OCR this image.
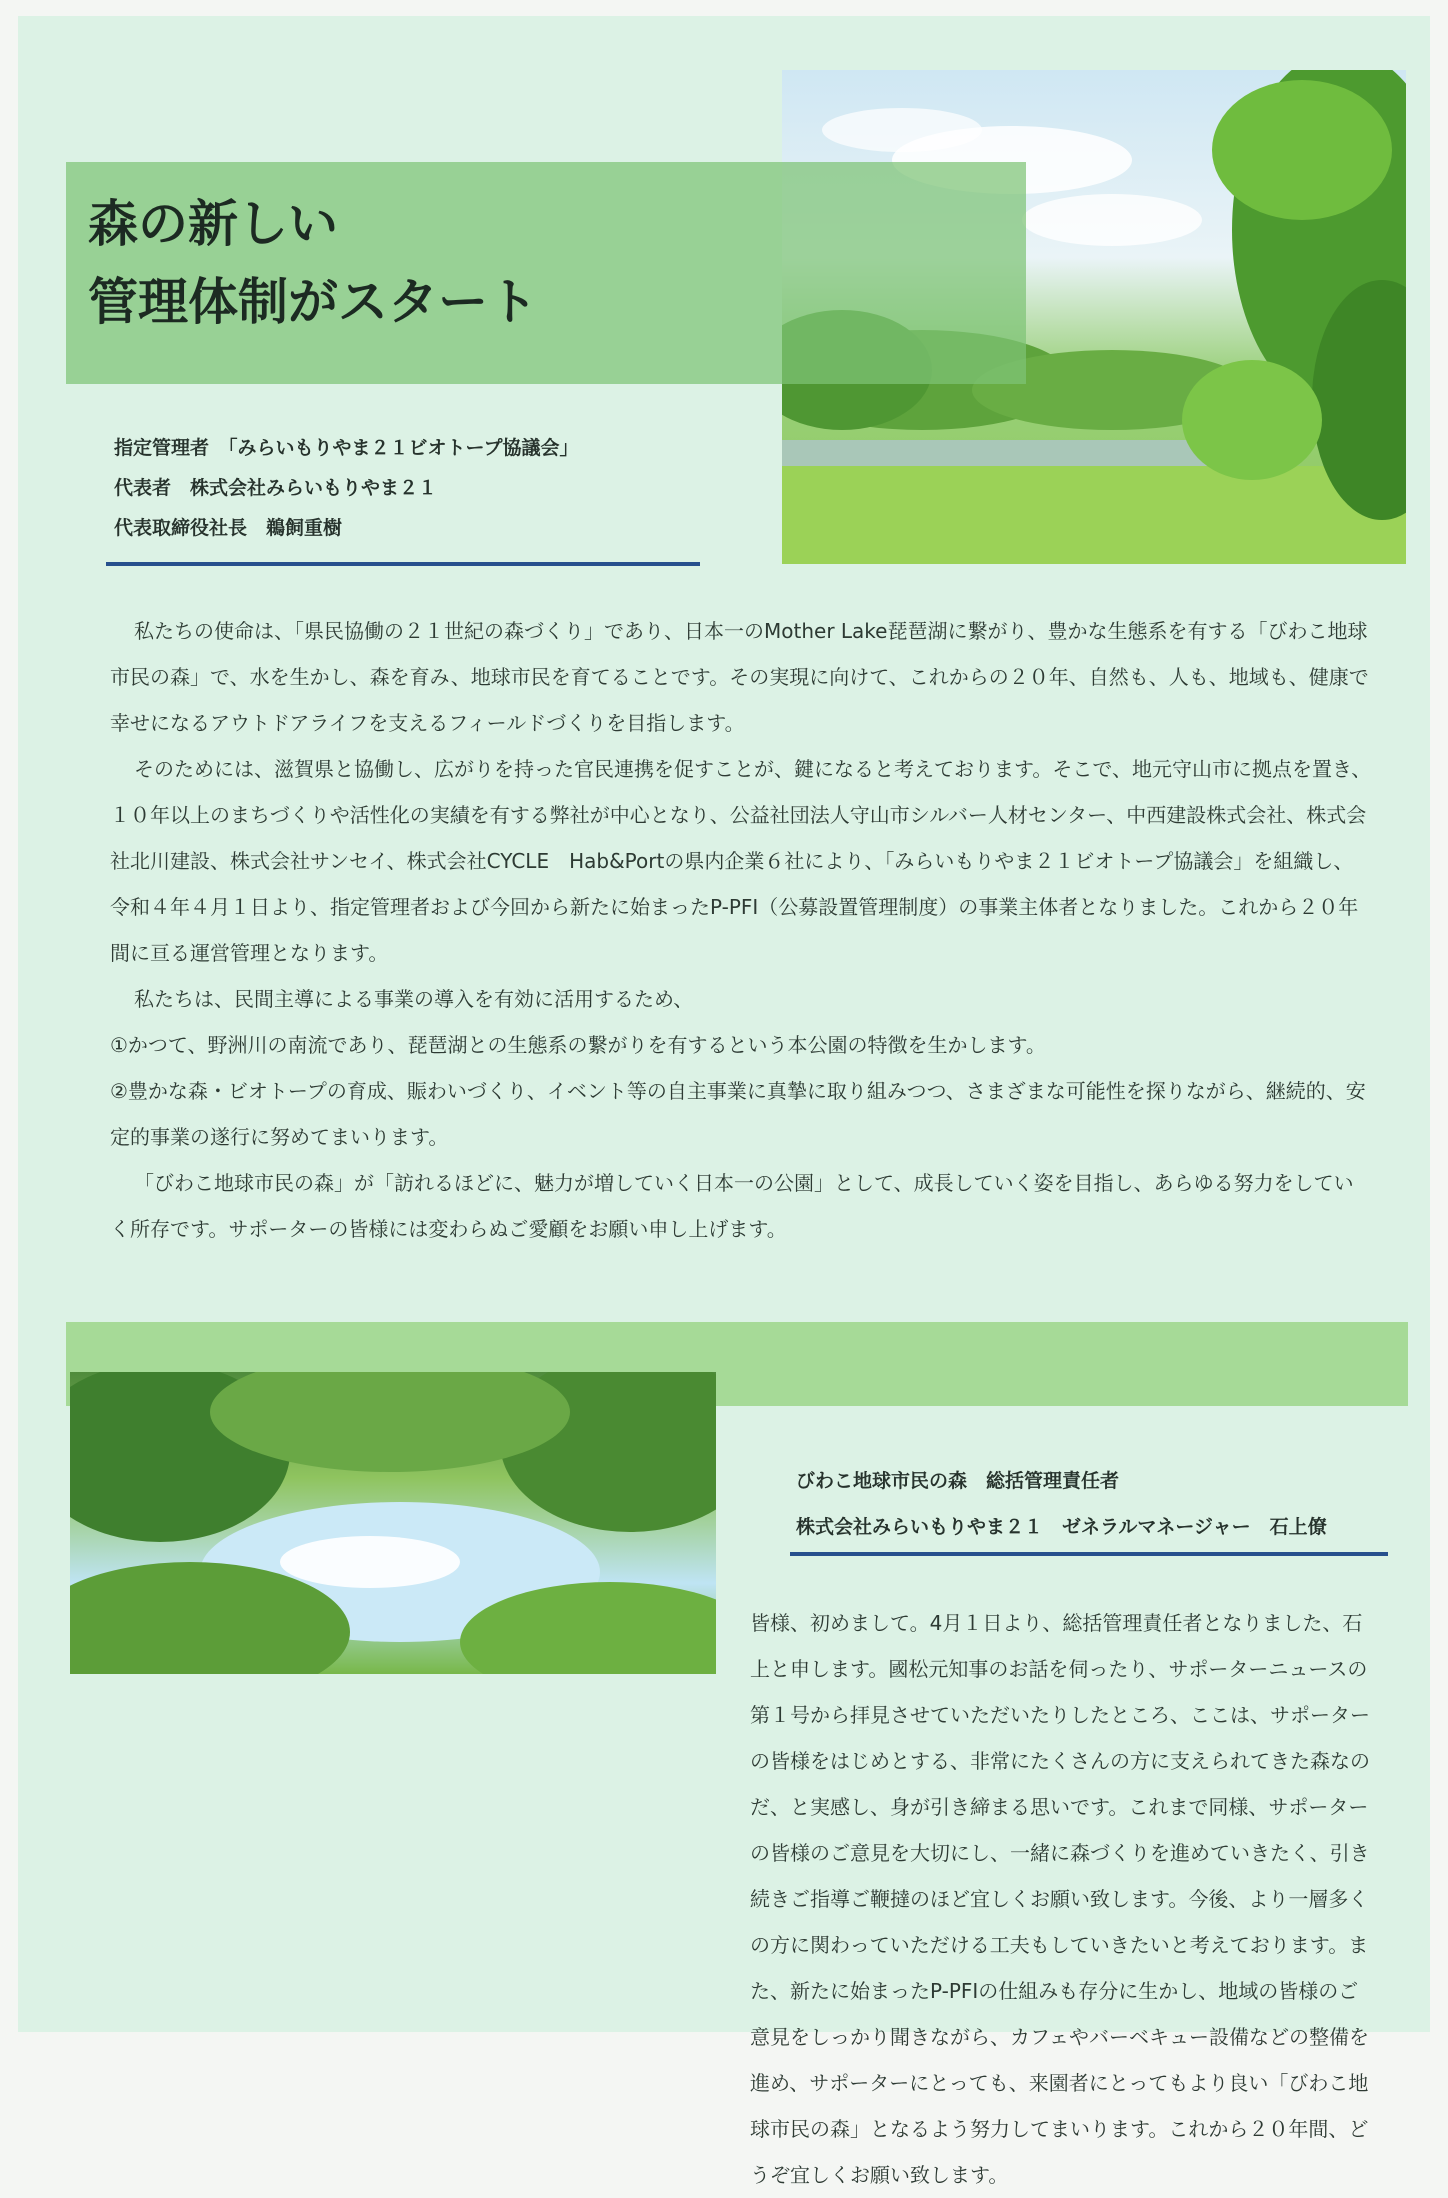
森の新しい
管理体制がスタート
指定管理者　「みらいもりやま２１ビオトープ協議会」
代表者　株式会社みらいもりやま２１
代表取締役社長　鵜飼重樹

私たちの使命は、「県民協働の２１世紀の森づくり」であり、日本一のMother Lake琵琶湖に繋がり、豊かな生態系を有する「びわこ地球市民の森」で、水を生かし、森を育み、地球市民を育てることです。その実現に向けて、これからの２０年、自然も、人も、地域も、健康で幸せになるアウトドアライフを支えるフィールドづくりを目指します。

そのためには、滋賀県と協働し、広がりを持った官民連携を促すことが、鍵になると考えております。そこで、地元守山市に拠点を置き、１０年以上のまちづくりや活性化の実績を有する弊社が中心となり、公益社団法人守山市シルバー人材センター、中西建設株式会社、株式会社北川建設、株式会社サンセイ、株式会社CYCLE　Hab&Portの県内企業６社により、「みらいもりやま２１ビオトープ協議会」を組織し、令和４年４月１日より、指定管理者および今回から新たに始まったP-PFI（公募設置管理制度）の事業主体者となりました。これから２０年間に亘る運営管理となります。

私たちは、民間主導による事業の導入を有効に活用するため、

①かつて、野洲川の南流であり、琵琶湖との生態系の繋がりを有するという本公園の特徴を生かします。

②豊かな森・ビオトープの育成、賑わいづくり、イベント等の自主事業に真摯に取り組みつつ、さまざまな可能性を探りながら、継続的、安定的事業の遂行に努めてまいります。

「びわこ地球市民の森」が「訪れるほどに、魅力が増していく日本一の公園」として、成長していく姿を目指し、あらゆる努力をしていく所存です。サポーターの皆様には変わらぬご愛顧をお願い申し上げます。

びわこ地球市民の森　総括管理責任者
株式会社みらいもりやま２１　ゼネラルマネージャー　石上僚

皆様、初めまして。4月１日より、総括管理責任者となりました、石上と申します。國松元知事のお話を伺ったり、サポーターニュースの第１号から拝見させていただいたりしたところ、ここは、サポーターの皆様をはじめとする、非常にたくさんの方に支えられてきた森なのだ、と実感し、身が引き締まる思いです。これまで同様、サポーターの皆様のご意見を大切にし、一緒に森づくりを進めていきたく、引き続きご指導ご鞭撻のほど宜しくお願い致します。今後、より一層多くの方に関わっていただける工夫もしていきたいと考えております。また、新たに始まったP-PFIの仕組みも存分に生かし、地域の皆様のご意見をしっかり聞きながら、カフェやバーベキュー設備などの整備を進め、サポーターにとっても、来園者にとってもより良い「びわこ地球市民の森」となるよう努力してまいります。これから２０年間、どうぞ宜しくお願い致します。
